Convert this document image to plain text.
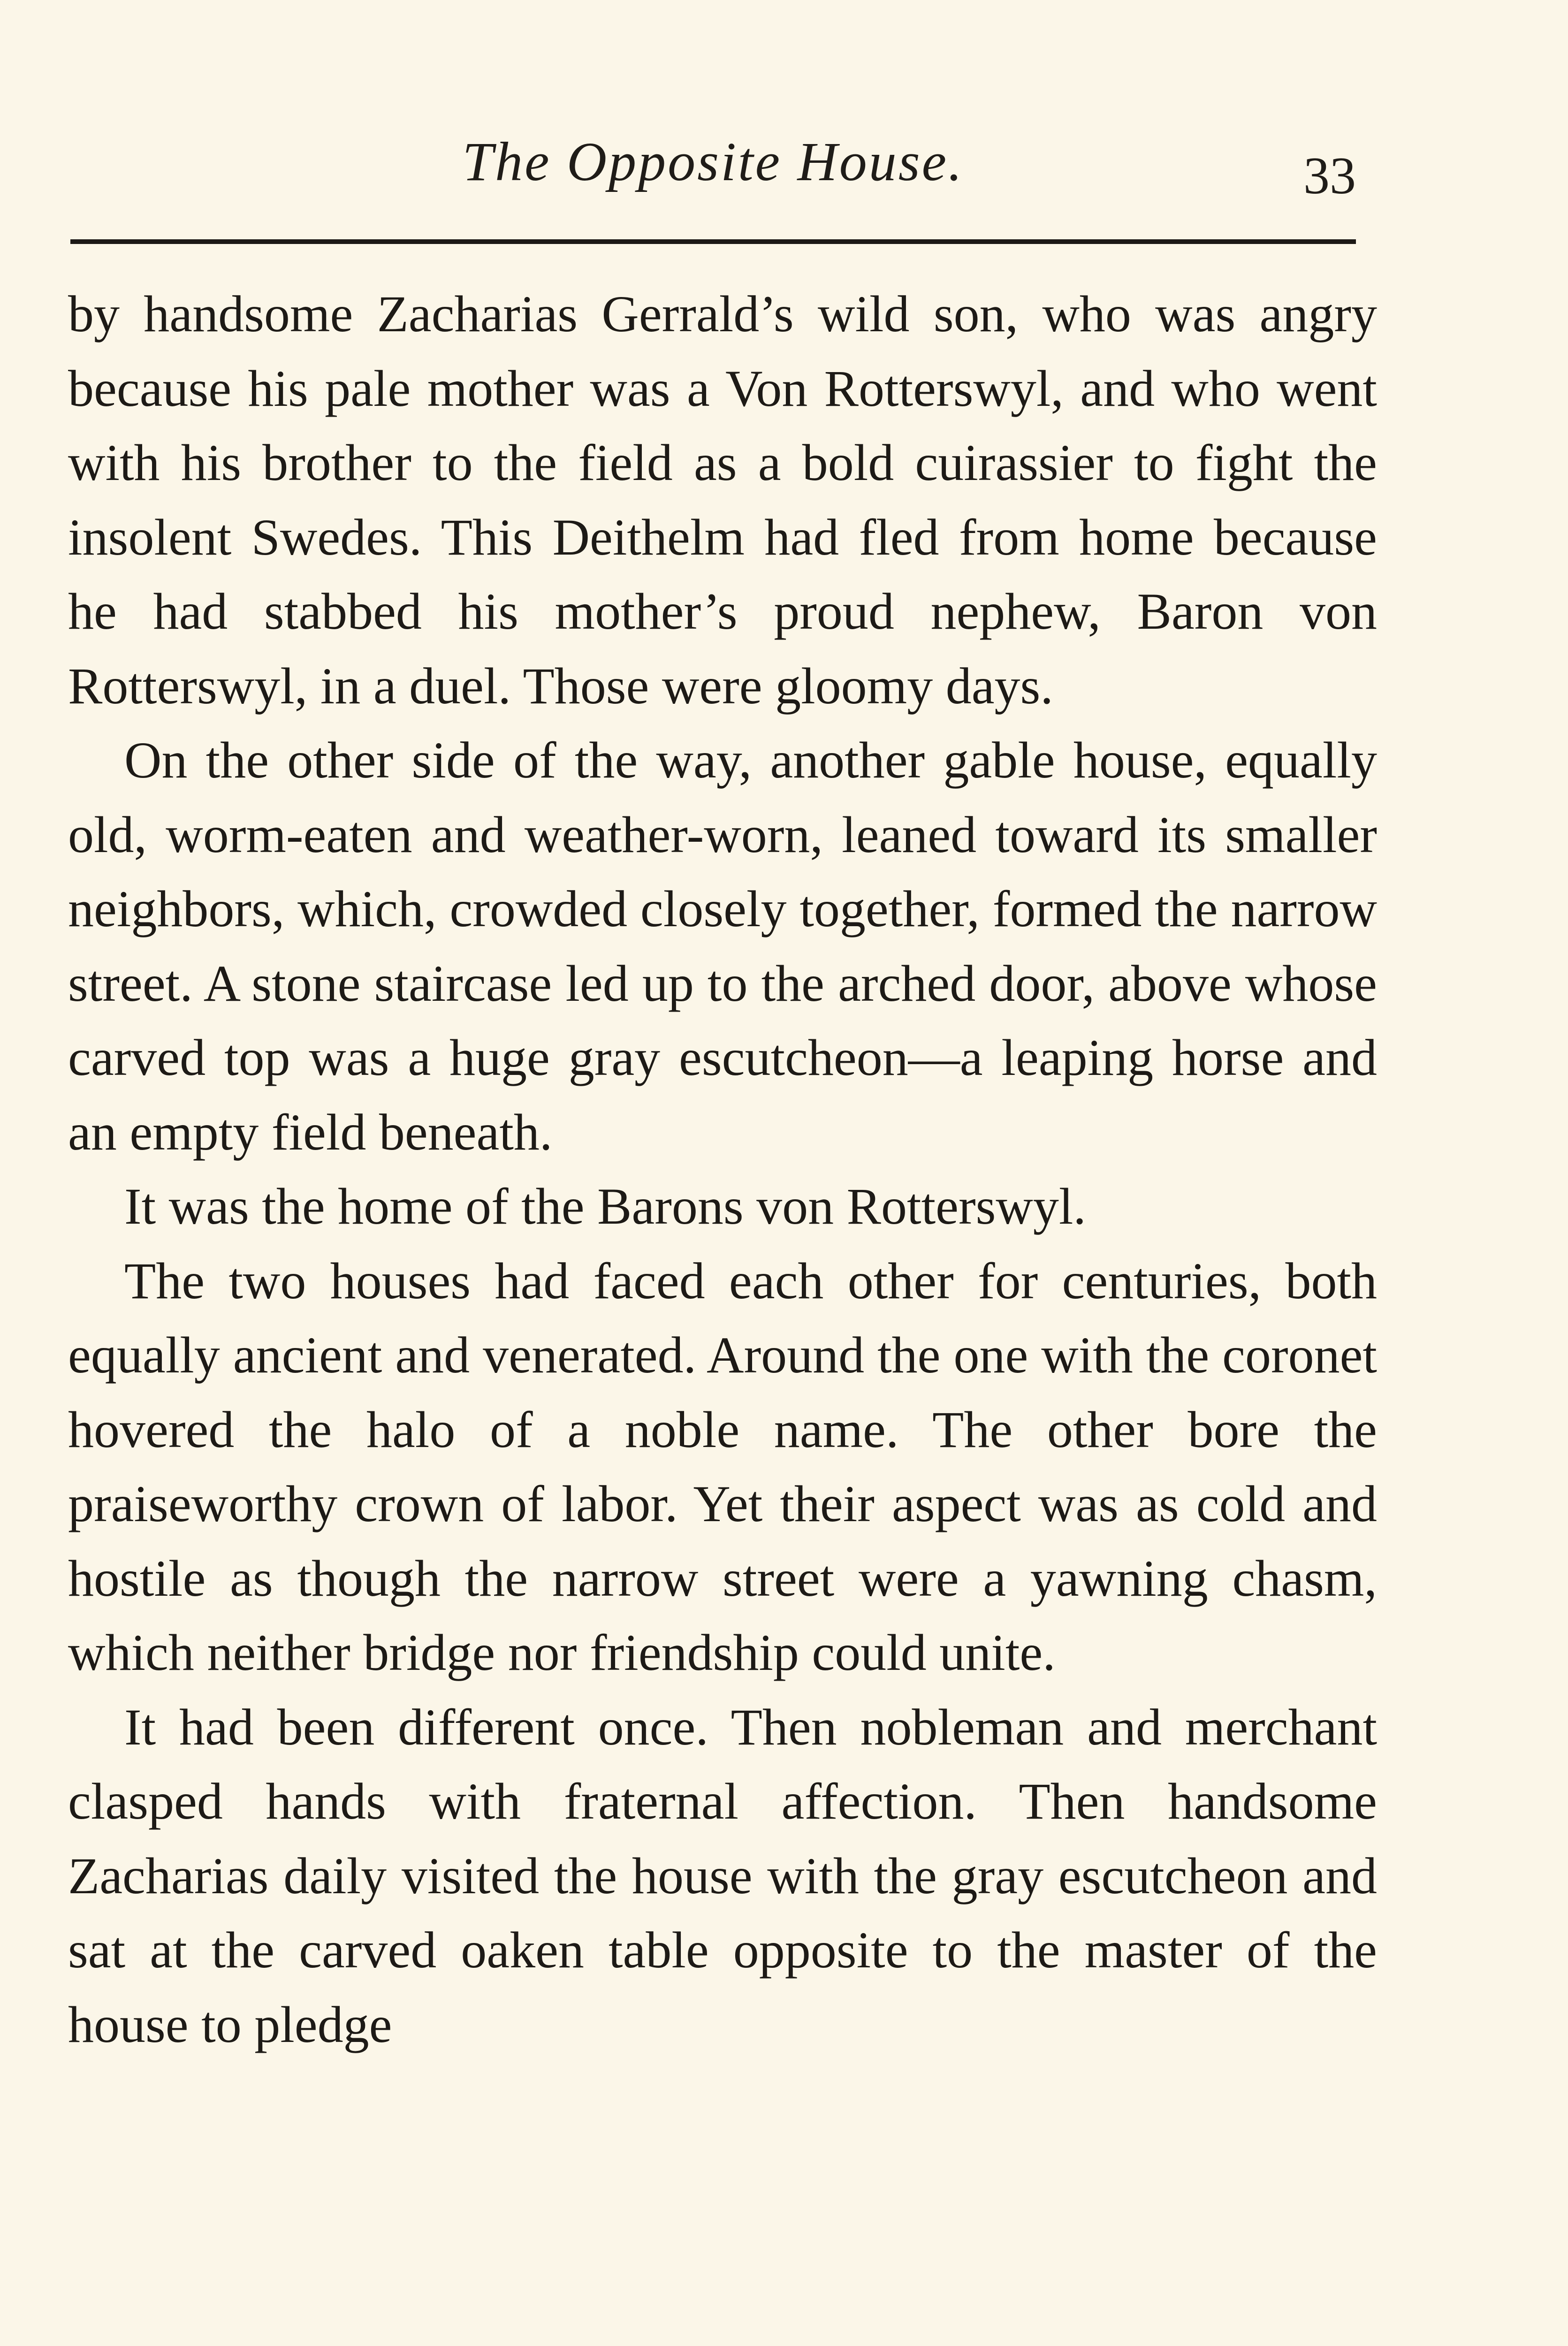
The Opposite House.	33

by handsome Zacharias Gerrald’s wild son, who was angry because his pale mother was a Von Rotterswyl, and who went with his brother to the field as a bold cuirassier to fight the insolent Swedes. This Deithelm had fled from home because he had stabbed his mother’s proud nephew, Baron von Rotterswyl, in a duel. Those were gloomy days.

On the other side of the way, another gable house, equally old, worm-eaten and weather-worn, leaned toward its smaller neighbors, which, crowded closely together, formed the narrow street. A stone staircase led up to the arched door, above whose carved top was a huge gray escutcheon—a leaping horse and an empty field beneath.

It was the home of the Barons von Rotterswyl.

The two houses had faced each other for centuries, both equally ancient and venerated. Around the one with the coronet hovered the halo of a noble name. The other bore the praiseworthy crown of labor. Yet their aspect was as cold and hostile as though the narrow street were a yawning chasm, which neither bridge nor friendship could unite.

It had been different once. Then nobleman and merchant clasped hands with fraternal affection. Then handsome Zacharias daily visited the house with the gray escutcheon and sat at the carved oaken table opposite to the master of the house to pledge
